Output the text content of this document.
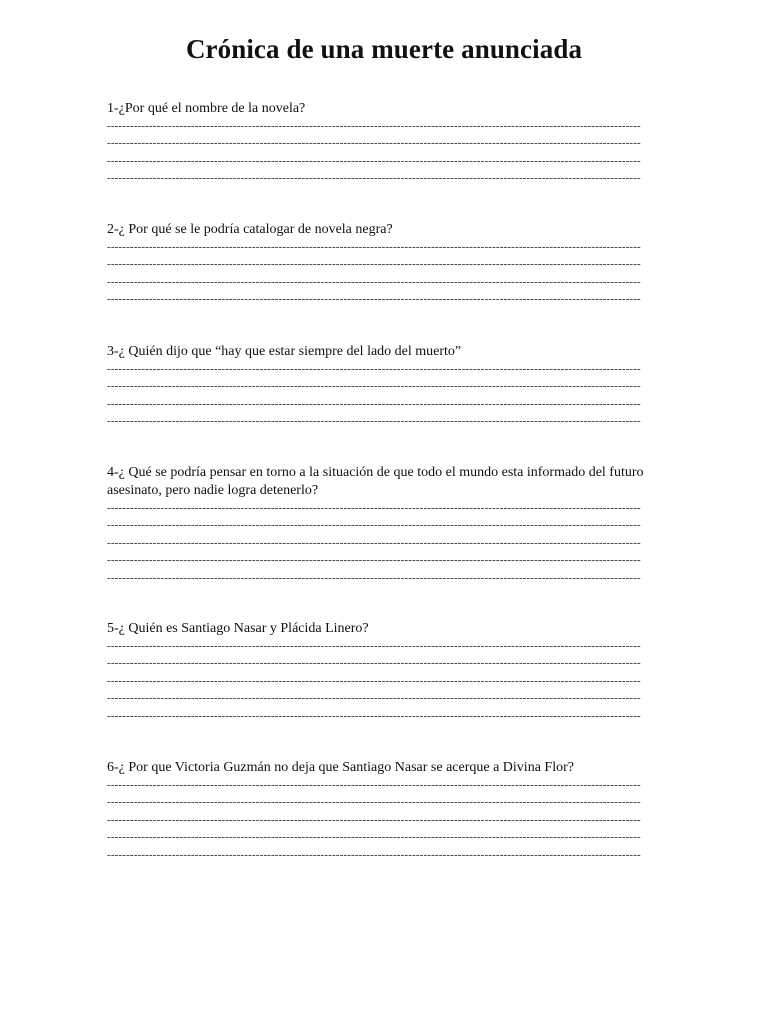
Crónica de una muerte anunciada
1-¿Por qué el nombre de la novela?
--------------------------------------------------------------------------------------------------------------------------------------------
--------------------------------------------------------------------------------------------------------------------------------------------
--------------------------------------------------------------------------------------------------------------------------------------------
--------------------------------------------------------------------------------------------------------------------------------------------
2-¿ Por qué se le podría catalogar de novela negra?
--------------------------------------------------------------------------------------------------------------------------------------------
--------------------------------------------------------------------------------------------------------------------------------------------
--------------------------------------------------------------------------------------------------------------------------------------------
--------------------------------------------------------------------------------------------------------------------------------------------
3-¿ Quién dijo que “hay que estar siempre del lado del muerto”
--------------------------------------------------------------------------------------------------------------------------------------------
--------------------------------------------------------------------------------------------------------------------------------------------
--------------------------------------------------------------------------------------------------------------------------------------------
--------------------------------------------------------------------------------------------------------------------------------------------
4-¿ Qué se podría pensar en torno a la situación de que todo el mundo esta informado del futuro asesinato, pero nadie logra detenerlo?
--------------------------------------------------------------------------------------------------------------------------------------------
--------------------------------------------------------------------------------------------------------------------------------------------
--------------------------------------------------------------------------------------------------------------------------------------------
--------------------------------------------------------------------------------------------------------------------------------------------
--------------------------------------------------------------------------------------------------------------------------------------------
5-¿ Quién es Santiago Nasar y Plácida Linero?
--------------------------------------------------------------------------------------------------------------------------------------------
--------------------------------------------------------------------------------------------------------------------------------------------
--------------------------------------------------------------------------------------------------------------------------------------------
--------------------------------------------------------------------------------------------------------------------------------------------
--------------------------------------------------------------------------------------------------------------------------------------------
6-¿ Por que Victoria Guzmán no deja que Santiago Nasar se acerque a Divina Flor?
--------------------------------------------------------------------------------------------------------------------------------------------
--------------------------------------------------------------------------------------------------------------------------------------------
--------------------------------------------------------------------------------------------------------------------------------------------
--------------------------------------------------------------------------------------------------------------------------------------------
--------------------------------------------------------------------------------------------------------------------------------------------
